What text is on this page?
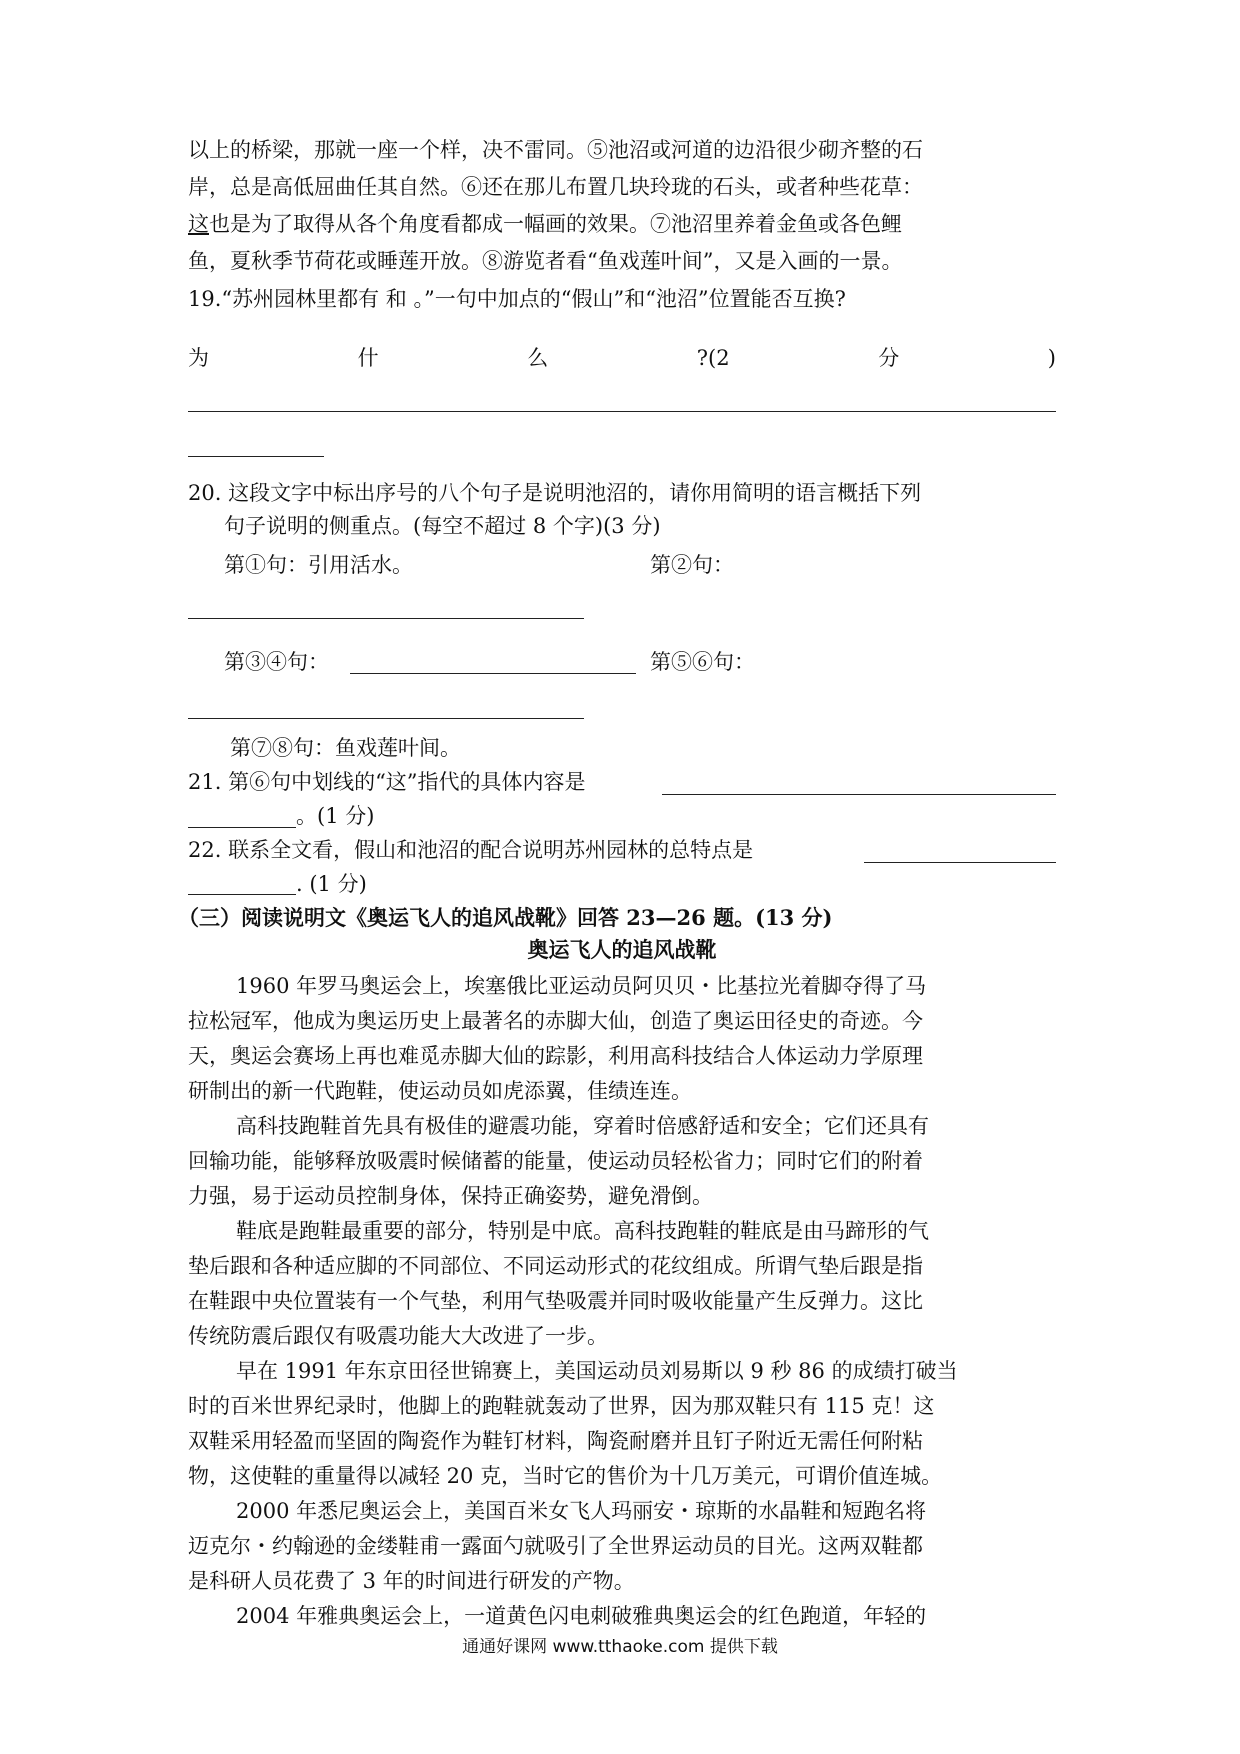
以上的桥梁，那就一座一个样，决不雷同。⑤池沼或河道的边沿很少砌齐整的石
岸，总是高低屈曲任其自然。⑥还在那儿布置几块玲珑的石头，或者种些花草：
这也是为了取得从各个角度看都成一幅画的效果。⑦池沼里养着金鱼或各色鲤
鱼，夏秋季节荷花或睡莲开放。⑧游览者看“鱼戏莲叶间”，又是入画的一景。
19.“苏州园林里都有 和 。”一句中加点的“假山”和“池沼”位置能否互换?
为	什	么	?(2	分	)
20. 这段文字中标出序号的八个句子是说明池沼的，请你用简明的语言概括下列
句子说明的侧重点。(每空不超过 8 个字)(3 分)
第①句：引用活水。	第②句：
第③④句：	第⑤⑥句：
第⑦⑧句：鱼戏莲叶间。
21. 第⑥句中划线的“这”指代的具体内容是
。(1 分)
22. 联系全文看，假山和池沼的配合说明苏州园林的总特点是
. (1 分)
（三）阅读说明文《奥运飞人的追风战靴》回答 23—26 题。(13 分)
奥运飞人的追风战靴
1960 年罗马奥运会上，埃塞俄比亚运动员阿贝贝・比基拉光着脚夺得了马
拉松冠军，他成为奥运历史上最著名的赤脚大仙，创造了奥运田径史的奇迹。今
天，奥运会赛场上再也难觅赤脚大仙的踪影，利用高科技结合人体运动力学原理
研制出的新一代跑鞋，使运动员如虎添翼，佳绩连连。
高科技跑鞋首先具有极佳的避震功能，穿着时倍感舒适和安全；它们还具有
回输功能，能够释放吸震时候储蓄的能量，使运动员轻松省力；同时它们的附着
力强，易于运动员控制身体，保持正确姿势，避免滑倒。
鞋底是跑鞋最重要的部分，特别是中底。高科技跑鞋的鞋底是由马蹄形的气
垫后跟和各种适应脚的不同部位、不同运动形式的花纹组成。所谓气垫后跟是指
在鞋跟中央位置装有一个气垫，利用气垫吸震并同时吸收能量产生反弹力。这比
传统防震后跟仅有吸震功能大大改进了一步。
早在 1991 年东京田径世锦赛上，美国运动员刘易斯以 9 秒 86 的成绩打破当
时的百米世界纪录时，他脚上的跑鞋就轰动了世界，因为那双鞋只有 115 克！这
双鞋采用轻盈而坚固的陶瓷作为鞋钉材料，陶瓷耐磨并且钉子附近无需任何附粘
物，这使鞋的重量得以减轻 20 克，当时它的售价为十几万美元，可谓价值连城。
2000 年悉尼奥运会上，美国百米女飞人玛丽安・琼斯的水晶鞋和短跑名将
迈克尔・约翰逊的金缕鞋甫一露面勺就吸引了全世界运动员的目光。这两双鞋都
是科研人员花费了 3 年的时间进行研发的产物。
2004 年雅典奥运会上，一道黄色闪电刺破雅典奥运会的红色跑道，年轻的
通通好课网 www.tthaoke.com 提供下载
